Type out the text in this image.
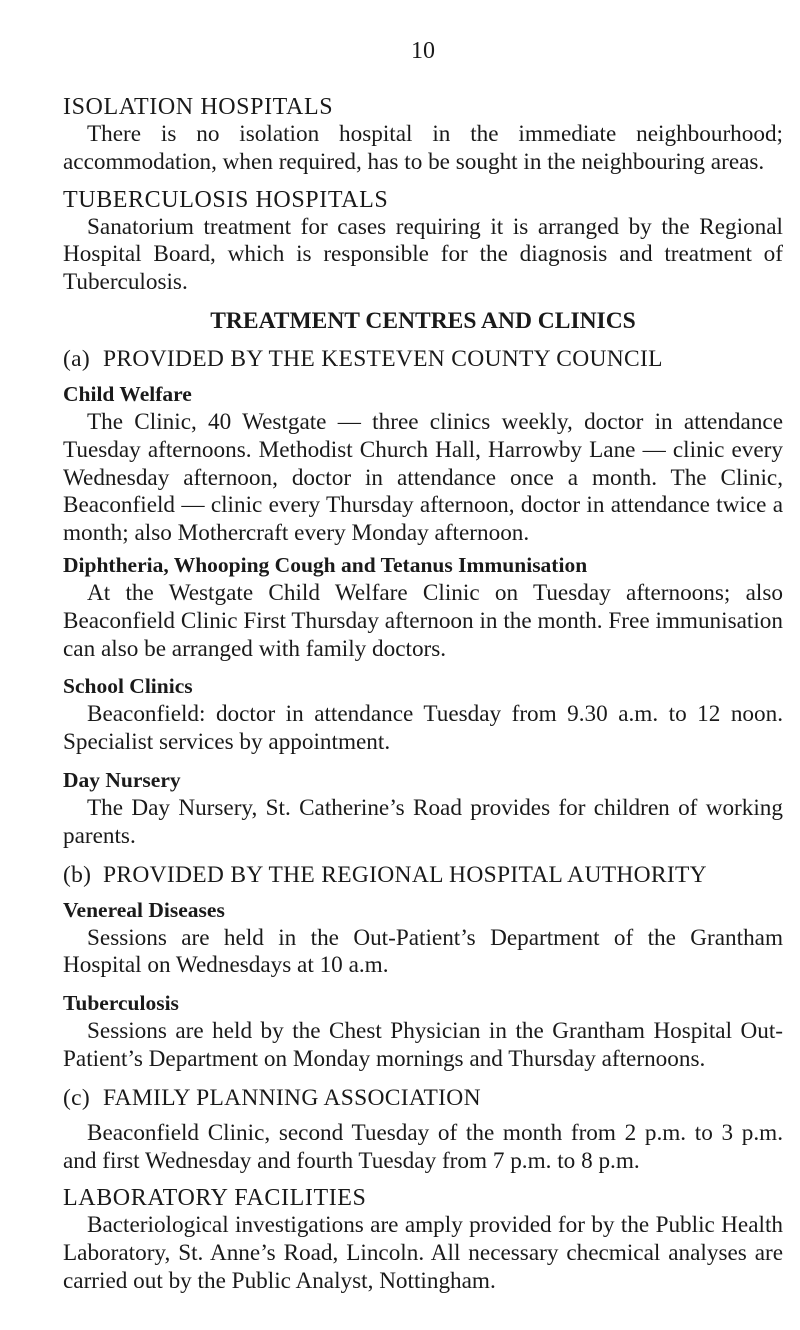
10
ISOLATION HOSPITALS

There is no isolation hospital in the immediate neighbourhood; accommodation, when required, has to be sought in the neighbouring areas.

TUBERCULOSIS HOSPITALS

Sanatorium treatment for cases requiring it is arranged by the Regional Hospital Board, which is responsible for the diagnosis and treatment of Tuberculosis.

TREATMENT CENTRES AND CLINICS
(a) PROVIDED BY THE KESTEVEN COUNTY COUNCIL
Child Welfare

The Clinic, 40 Westgate — three clinics weekly, doctor in attendance Tuesday afternoons. Methodist Church Hall, Harrowby Lane — clinic every Wednesday afternoon, doctor in attendance once a month. The Clinic, Beaconfield — clinic every Thursday afternoon, doctor in attendance twice a month; also Mothercraft every Monday afternoon.

Diphtheria, Whooping Cough and Tetanus Immunisation

At the Westgate Child Welfare Clinic on Tuesday afternoons; also Beaconfield Clinic First Thursday afternoon in the month. Free immunisation can also be arranged with family doctors.

School Clinics

Beaconfield: doctor in attendance Tuesday from 9.30 a.m. to 12 noon. Specialist services by appointment.

Day Nursery

The Day Nursery, St. Catherine’s Road provides for children of working parents.

(b) PROVIDED BY THE REGIONAL HOSPITAL AUTHORITY
Venereal Diseases

Sessions are held in the Out-Patient’s Department of the Grantham Hospital on Wednesdays at 10 a.m.

Tuberculosis

Sessions are held by the Chest Physician in the Grantham Hospital Out-Patient’s Department on Monday mornings and Thursday afternoons.

(c) FAMILY PLANNING ASSOCIATION

Beaconfield Clinic, second Tuesday of the month from 2 p.m. to 3 p.m. and first Wednesday and fourth Tuesday from 7 p.m. to 8 p.m.

LABORATORY FACILITIES

Bacteriological investigations are amply provided for by the Public Health Laboratory, St. Anne’s Road, Lincoln. All necessary checmical analyses are carried out by the Public Analyst, Nottingham.
